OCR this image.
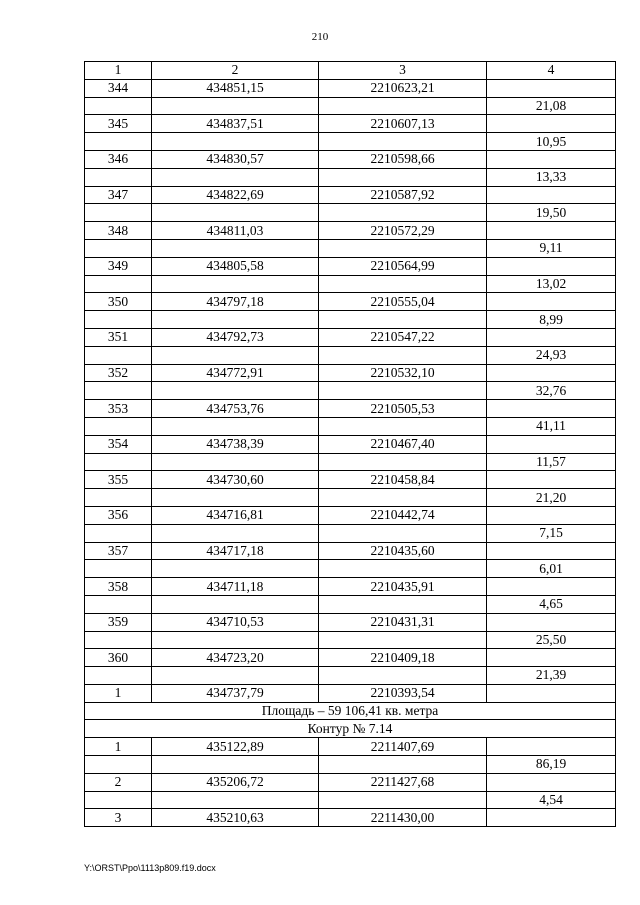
210
1	2	3	4
344	434851,15	2210623,21	
			21,08
345	434837,51	2210607,13	
			10,95
346	434830,57	2210598,66	
			13,33
347	434822,69	2210587,92	
			19,50
348	434811,03	2210572,29	
			9,11
349	434805,58	2210564,99	
			13,02
350	434797,18	2210555,04	
			8,99
351	434792,73	2210547,22	
			24,93
352	434772,91	2210532,10	
			32,76
353	434753,76	2210505,53	
			41,11
354	434738,39	2210467,40	
			11,57
355	434730,60	2210458,84	
			21,20
356	434716,81	2210442,74	
			7,15
357	434717,18	2210435,60	
			6,01
358	434711,18	2210435,91	
			4,65
359	434710,53	2210431,31	
			25,50
360	434723,20	2210409,18	
			21,39
1	434737,79	2210393,54	
Площадь – 59 106,41 кв. метра			
Контур № 7.14			
1	435122,89	2211407,69	
			86,19
2	435206,72	2211427,68	
			4,54
3	435210,63	2211430,00	
Y:\ORST\Ppo\1113p809.f19.docx
